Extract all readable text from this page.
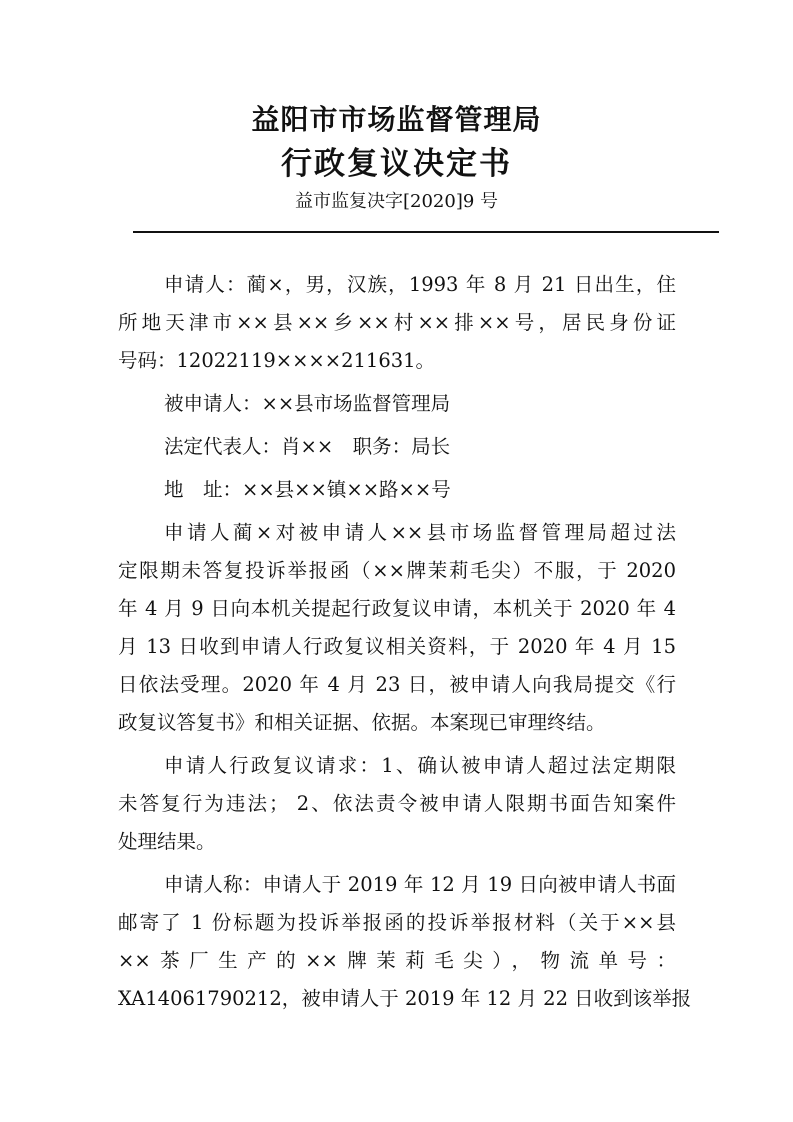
益阳市市场监督管理局
行政复议决定书
益市监复决字[2020]9 号
申请人：蔺×，男，汉族，1993 年 8 月 21 日出生，住
所地天津市××县××乡××村××排××号，居民身份证
号码：12022119××××211631。
被申请人：××县市场监督管理局
法定代表人：肖××　职务：局长
地　址：××县××镇××路××号
申请人蔺×对被申请人××县市场监督管理局超过法
定限期未答复投诉举报函（××牌茉莉毛尖）不服，于 2020
年 4 月 9 日向本机关提起行政复议申请，本机关于 2020 年 4
月 13 日收到申请人行政复议相关资料，于 2020 年 4 月 15
日依法受理。2020 年 4 月 23 日，被申请人向我局提交《行
政复议答复书》和相关证据、依据。本案现已审理终结。
申请人行政复议请求：1、确认被申请人超过法定期限
未答复行为违法； 2、依法责令被申请人限期书面告知案件
处理结果。
申请人称：申请人于 2019 年 12 月 19 日向被申请人书面
邮寄了 1 份标题为投诉举报函的投诉举报材料（关于××县
××茶厂生产的××牌茉莉毛尖），物流单号：
XA14061790212，被申请人于 2019 年 12 月 22 日收到该举报
